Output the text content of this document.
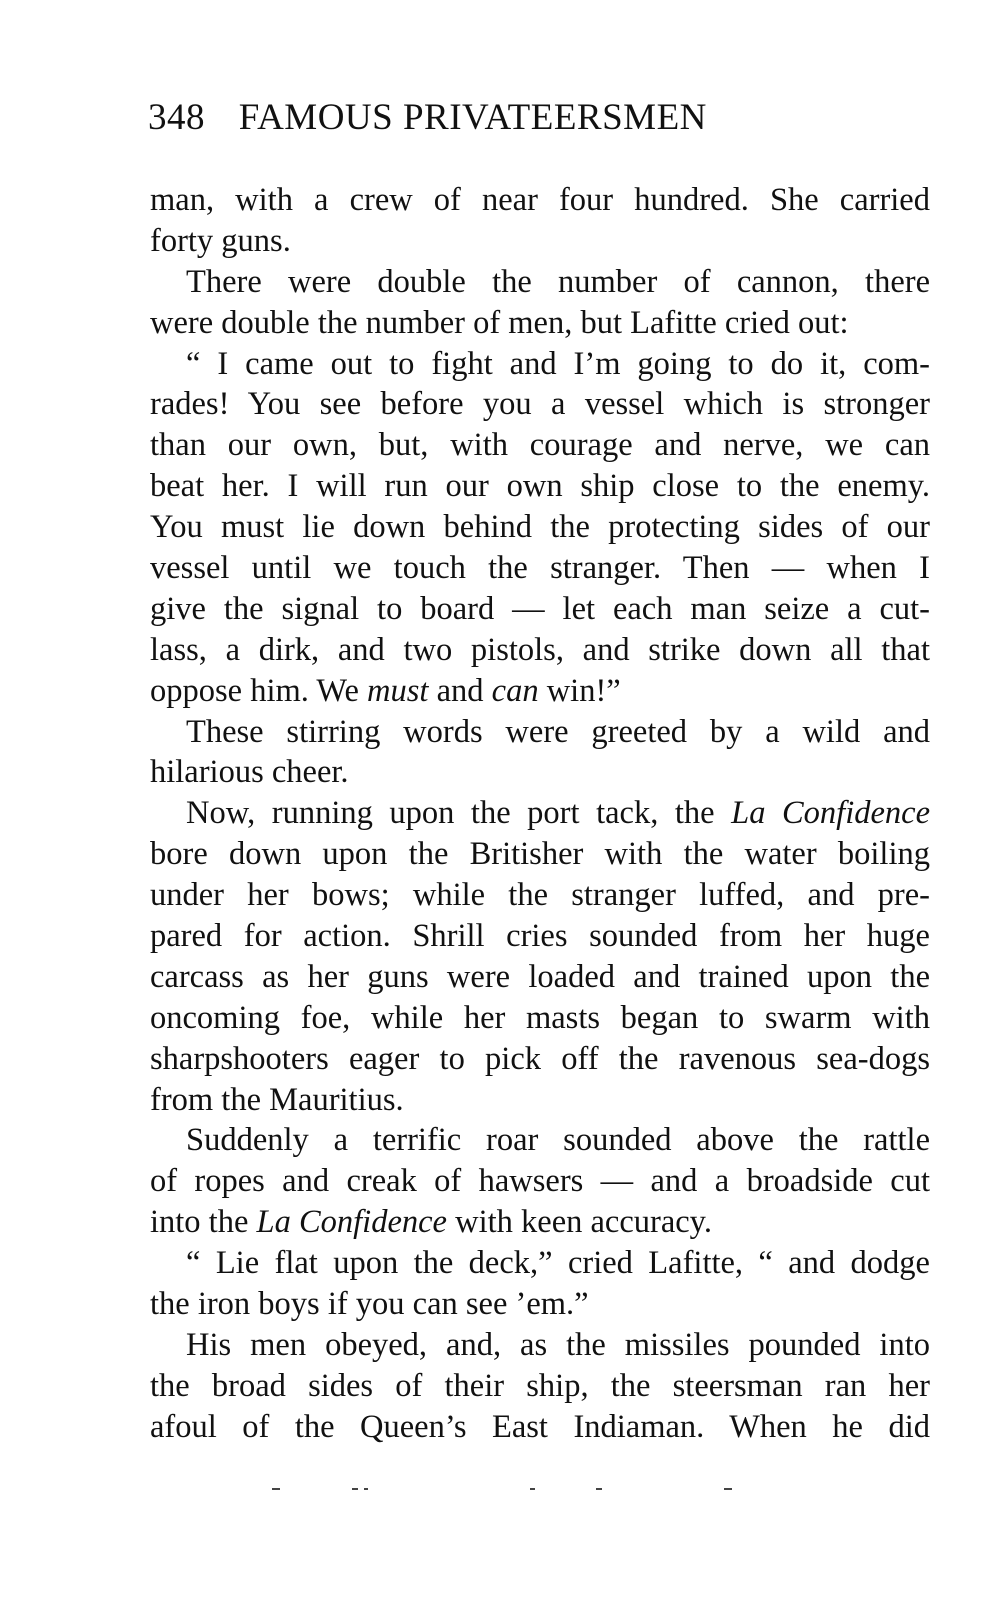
348 FAMOUS PRIVATEERSMEN
man, with a crew of near four hundred. She carried
forty guns.
There were double the number of cannon, there
were double the number of men, but Lafitte cried out:
“ I came out to fight and I’m going to do it, com-
rades! You see before you a vessel which is stronger
than our own, but, with courage and nerve, we can
beat her. I will run our own ship close to the enemy.
You must lie down behind the protecting sides of our
vessel until we touch the stranger. Then — when I
give the signal to board — let each man seize a cut-
lass, a dirk, and two pistols, and strike down all that
oppose him. We must and can win!”
These stirring words were greeted by a wild and
hilarious cheer.
Now, running upon the port tack, the La Confidence
bore down upon the Britisher with the water boiling
under her bows; while the stranger luffed, and pre-
pared for action. Shrill cries sounded from her huge
carcass as her guns were loaded and trained upon the
oncoming foe, while her masts began to swarm with
sharpshooters eager to pick off the ravenous sea-dogs
from the Mauritius.
Suddenly a terrific roar sounded above the rattle
of ropes and creak of hawsers — and a broadside cut
into the La Confidence with keen accuracy.
“ Lie flat upon the deck,” cried Lafitte, “ and dodge
the iron boys if you can see ’em.”
His men obeyed, and, as the missiles pounded into
the broad sides of their ship, the steersman ran her
afoul of the Queen’s East Indiaman. When he did
